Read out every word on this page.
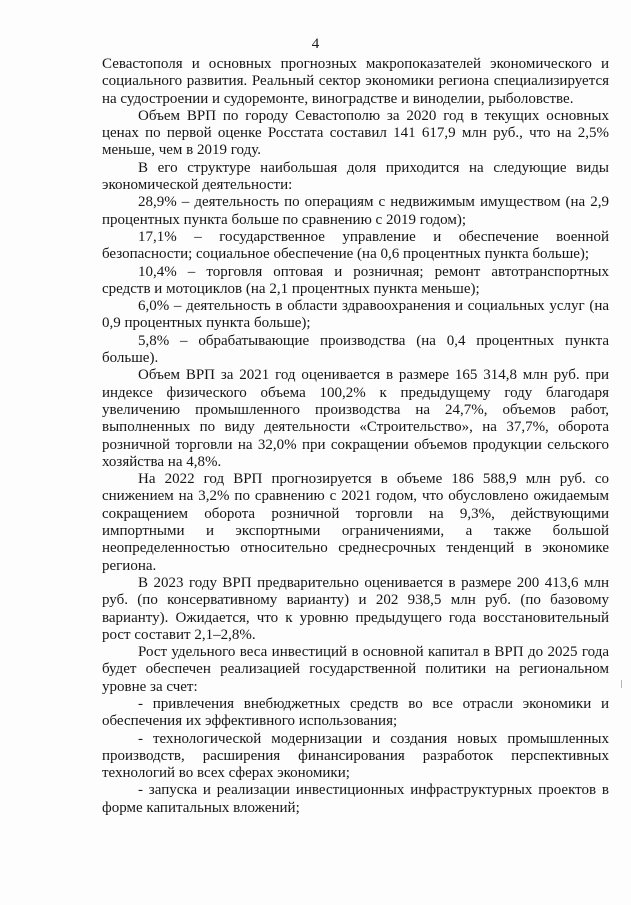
4

Севастополя и основных прогнозных макропоказателей экономического и социального развития. Реальный сектор экономики региона специализируется на судостроении и судоремонте, виноградстве и виноделии, рыболовстве.

Объем ВРП по городу Севастополю за 2020 год в текущих основных ценах по первой оценке Росстата составил 141 617,9 млн руб., что на 2,5% меньше, чем в 2019 году.

В его структуре наибольшая доля приходится на следующие виды экономической деятельности:

28,9% – деятельность по операциям с недвижимым имуществом (на 2,9 процентных пункта больше по сравнению с 2019 годом);

17,1% – государственное управление и обеспечение военной безопасности; социальное обеспечение (на 0,6 процентных пункта больше);

10,4% – торговля оптовая и розничная; ремонт автотранспортных средств и мотоциклов (на 2,1 процентных пункта меньше);

6,0% – деятельность в области здравоохранения и социальных услуг (на 0,9 процентных пункта больше);

5,8% – обрабатывающие производства (на 0,4 процентных пункта больше).

Объем ВРП за 2021 год оценивается в размере 165 314,8 млн руб. при индексе физического объема 100,2% к предыдущему году благодаря увеличению промышленного производства на 24,7%, объемов работ, выполненных по виду деятельности «Строительство», на 37,7%, оборота розничной торговли на 32,0% при сокращении объемов продукции сельского хозяйства на 4,8%.

На 2022 год ВРП прогнозируется в объеме 186 588,9 млн руб. со снижением на 3,2% по сравнению с 2021 годом, что обусловлено ожидаемым сокращением оборота розничной торговли на 9,3%, действующими импортными и экспортными ограничениями, а также большой неопределенностью относительно среднесрочных тенденций в экономике региона.

В 2023 году ВРП предварительно оценивается в размере 200 413,6 млн руб. (по консервативному варианту) и 202 938,5 млн руб. (по базовому варианту). Ожидается, что к уровню предыдущего года восстановительный рост составит 2,1–2,8%.

Рост удельного веса инвестиций в основной капитал в ВРП до 2025 года будет обеспечен реализацией государственной политики на региональном уровне за счет:

- привлечения внебюджетных средств во все отрасли экономики и обеспечения их эффективного использования;

- технологической модернизации и создания новых промышленных производств, расширения финансирования разработок перспективных технологий во всех сферах экономики;

- запуска и реализации инвестиционных инфраструктурных проектов в форме капитальных вложений;
